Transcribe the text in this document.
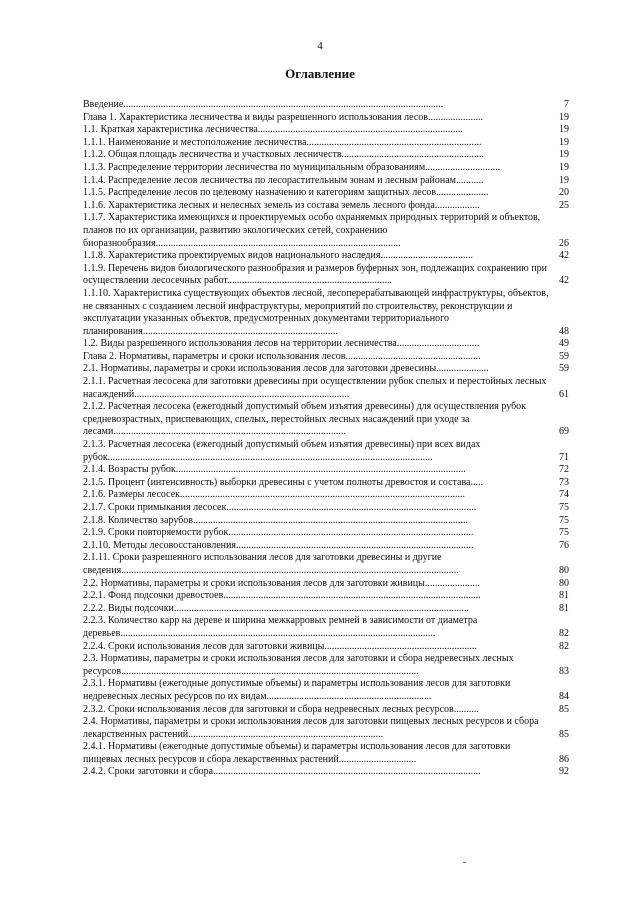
4
Оглавление
Введение................................................................................................................................	7
Глава 1. Характеристика лесничества и виды разрешенного использования лесов......................	19
1.1. Краткая характеристика лесничества..................................................................................	19
1.1.1. Наименование и местоположение лесничества......................................................................	19
1.1.2. Общая площадь лесничества и участковых лесничеств.........................................................	19
1.1.3. Распределение территории лесничества по муниципальным образованиям..............................	19
1.1.4. Распределение лесов лесничества по лесорастительным зонам и лесным районам...........	19
1.1.5. Распределение лесов по целевому назначению и категориям защитных лесов.....................	20
1.1.6. Характеристика лесных и нелесных земель из состава земель лесного фонда..................	25
1.1.7. Характеристика имеющихся и проектируемых особо охраняемых природных территорий и объектов, планов по их организации, развитию экологических сетей, сохранению биоразнообразия..................................................................................................	26
1.1.8. Характеристика проектируемых видов национального наследия.....................................	42
1.1.9. Перечень видов биологического разнообразия и размеров буферных зон, подлежащих сохранению при осуществлении лесосечных работ..................................................................	42
1.1.10. Характеристика существующих объектов лесной, лесоперерабатывающей инфраструктуры, объектов, не связанных с созданием лесной инфраструктуры, мероприятий по строительству, реконструкции и эксплуатации указанных объектов, предусмотренных документами территориального планирования..............................................................................	48
1.2. Виды разрешенного использования лесов на территории лесничества.................................	49
Глава 2. Нормативы, параметры и сроки использования лесов......................................................	59
2.1. Нормативы, параметры и сроки использования лесов для заготовки древесины.....................	59
2.1.1. Расчетная лесосека для заготовки древесины при осуществлении рубок спелых и перестойных лесных насаждений......................................................................................	61
2.1.2. Расчетная лесосека (ежегодный допустимый объем изъятия древесины) для осуществления рубок средневозрастных, приспевающих, спелых, перестойных лесных насаждений при уходе за лесами.............................................................................................	69
2.1.3. Расчетная лесосека (ежегодный допустимый объем изъятия древесины) при всех видах рубок..................................................................................................................................	71
2.1.4. Возрасты рубок....................................................................................................................	72
2.1.5. Процент (интенсивность) выборки древесины с учетом полноты древостоя и состава.....	73
2.1.6. Размеры лесосек..................................................................................................................	74
2.1.7. Сроки примыкания лесосек....................................................................................................	75
2.1.8. Количество зарубов..............................................................................................................	75
2.1.9. Сроки повторяемости рубок..................................................................................................	75
2.1.10. Методы лесовосстановления...............................................................................................	76
2.1.11. Сроки разрешенного использования лесов для заготовки древесины и другие сведения.......................................................................................................................................	80
2.2. Нормативы, параметры и сроки использования лесов для заготовки живицы......................	80
2.2.1. Фонд подсочки древостоев.......................................................................................................	81
2.2.2. Виды подсочки......................................................................................................................	81
2.2.3. Количество карр на дереве и ширина межкарровых ремней в зависимости от диаметра деревьев..............................................................................................................................	82
2.2.4. Сроки использования лесов для заготовки живицы.............................................................	82
2.3. Нормативы, параметры и сроки использования лесов для заготовки и сбора недревесных лесных ресурсов.......................................................................................................................	83
2.3.1. Нормативы (ежегодные допустимые объемы) и параметры использования лесов для заготовки недревесных лесных ресурсов по их видам..................................................................	84
2.3.2. Сроки использования лесов для заготовки и сбора недревесных лесных ресурсов..........	85
2.4. Нормативы, параметры и сроки использования лесов для заготовки пищевых лесных ресурсов и сбора лекарственных растений..............................................................................	85
2.4.1. Нормативы (ежегодные допустимые объемы) и параметры использования лесов для заготовки пищевых лесных ресурсов и сбора лекарственных растений...............................	86
2.4.2. Сроки заготовки и сбора...........................................................................................................	92
